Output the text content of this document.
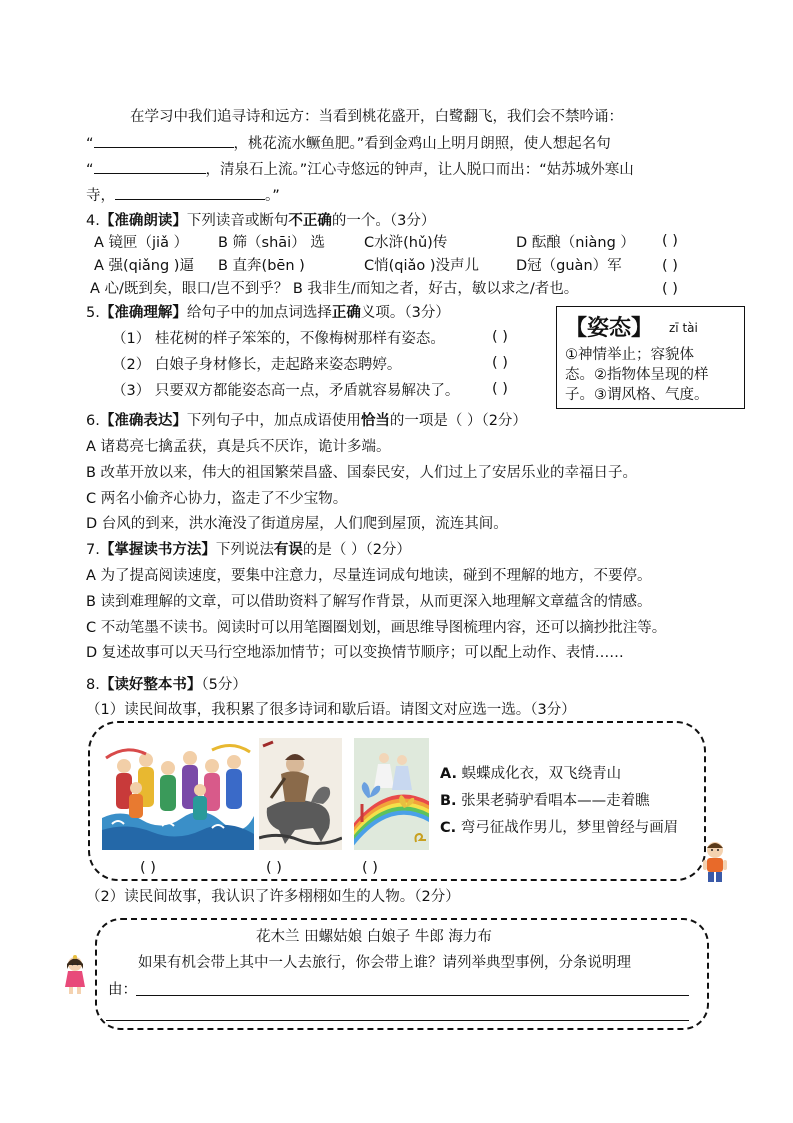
在学习中我们追寻诗和远方：当看到桃花盛开，白鹭翻飞，我们会不禁吟诵：
“	，桃花流水鳜鱼肥。”看到金鸡山上明月朗照，使人想起名句
“	，清泉石上流。”江心寺悠远的钟声，让人脱口而出：“姑苏城外寒山
寺，	。”
4.【准确朗读】下列读音或断句不正确的一个。（3分）
A 镜匣（jiǎ ） B 筛（shāi） 选	C水浒(hǔ)传	D 酝酿（niàng ） ( )
A 强(qiǎng )逼 B 直奔(bēn )	C悄(qiǎo )没声儿	D冠（guàn）军	( )
A 心/既到矣，眼口/岂不到乎？ B 我非生/而知之者，好古，敏以求之/者也。	( )
5.【准确理解】给句子中的加点词选择正确义项。（3分）
（1） 桂花树的样子笨笨的，不像梅树那样有姿态。	( )
（2） 白娘子身材修长，走起路来姿态聘婷。	( )
（3） 只要双方都能姿态高一点，矛盾就容易解决了。 ( )
【姿态】 zī tài
①神情举止；容貌体
态。②指物体呈现的样
子。③谓风格、气度。
6.【准确表达】下列句子中，加点成语使用恰当的一项是（ ）（2分）
A 诸葛亮七擒孟获，真是兵不厌诈，诡计多端。
B 改革开放以来，伟大的祖国繁荣昌盛、国泰民安，人们过上了安居乐业的幸福日子。
C 两名小偷齐心协力，盗走了不少宝物。
D 台风的到来，洪水淹没了街道房屋，人们爬到屋顶，流连其间。
7.【掌握读书方法】下列说法有误的是（ ）（2分）
A 为了提高阅读速度，要集中注意力，尽量连词成句地读，碰到不理解的地方，不要停。
B 读到难理解的文章，可以借助资料了解写作背景，从而更深入地理解文章蕴含的情感。
C 不动笔墨不读书。阅读时可以用笔圈圈划划，画思维导图梳理内容，还可以摘抄批注等。
D 复述故事可以天马行空地添加情节；可以变换情节顺序；可以配上动作、表情……
8.【读好整本书】（5分）
（1）读民间故事，我积累了很多诗词和歇后语。请图文对应选一选。（3分）
A. 蜈蝶成化衣，双飞绕青山
B. 张果老骑驴看唱本——走着瞧
C. 弯弓征战作男儿，梦里曾经与画眉
( )	( )	( )
（2）读民间故事，我认识了许多栩栩如生的人物。（2分）
花木兰 田螺姑娘 白娘子 牛郎 海力布
如果有机会带上其中一人去旅行，你会带上谁？请列举典型事例，分条说明理
由：
